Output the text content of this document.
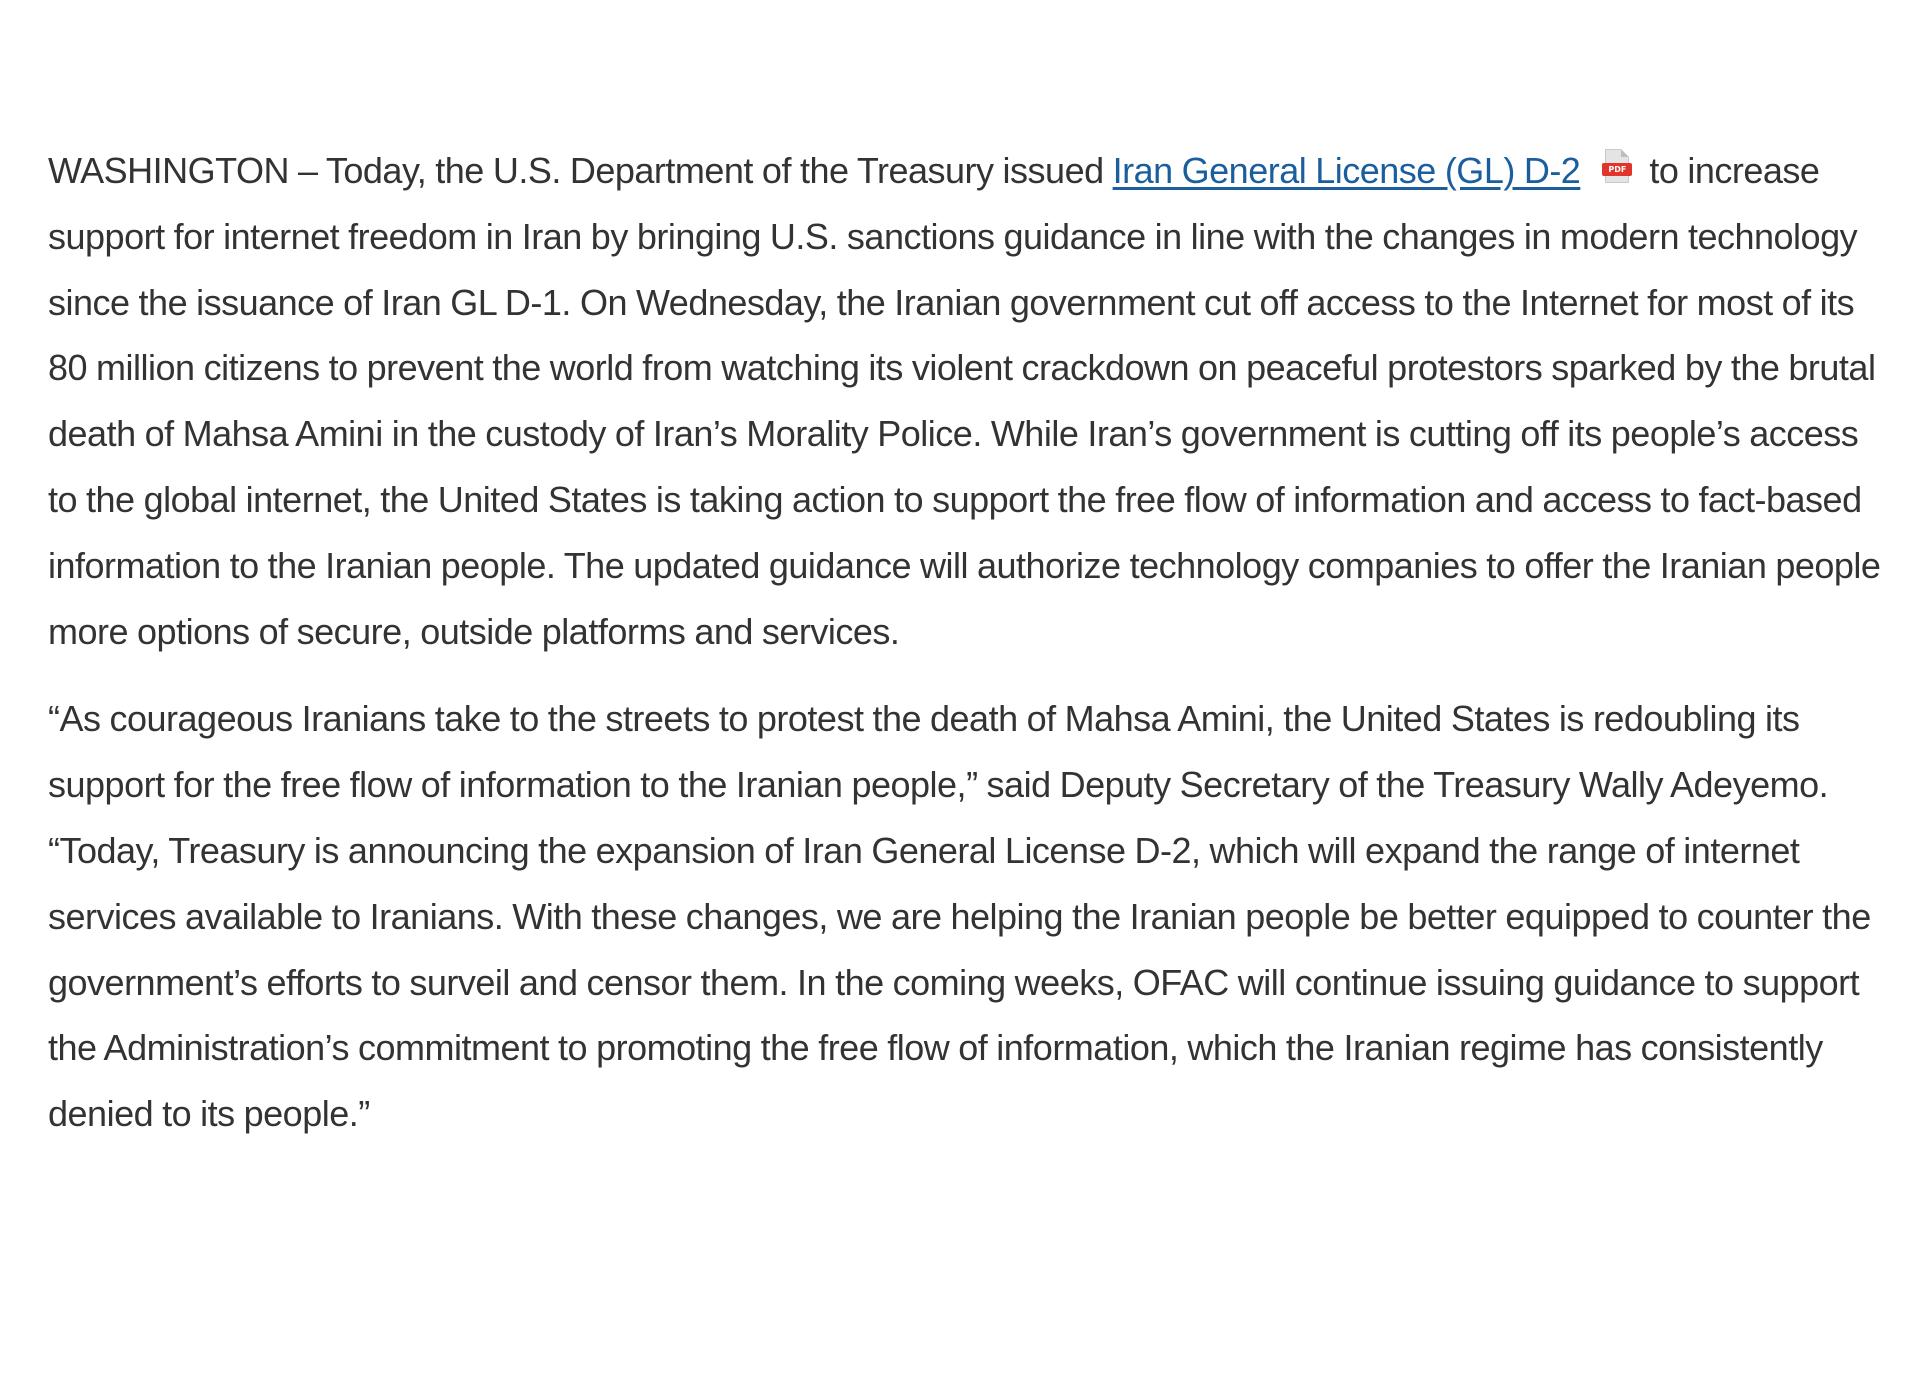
WASHINGTON – Today, the U.S. Department of the Treasury issued Iran General License (GL) D-2	PDF to increase support for internet freedom in Iran by bringing U.S. sanctions guidance in line with the changes in modern technology since the issuance of Iran GL D-1. On Wednesday, the Iranian government cut off access to the Internet for most of its 80 million citizens to prevent the world from watching its violent crackdown on peaceful protestors sparked by the brutal death of Mahsa Amini in the custody of Iran’s Morality Police. While Iran’s government is cutting off its people’s access to the global internet, the United States is taking action to support the free flow of information and access to fact-based information to the Iranian people. The updated guidance will authorize technology companies to offer the Iranian people more options of secure, outside platforms and services.

“As courageous Iranians take to the streets to protest the death of Mahsa Amini, the United States is redoubling its support for the free flow of information to the Iranian people,” said Deputy Secretary of the Treasury Wally Adeyemo. “Today, Treasury is announcing the expansion of Iran General License D-2, which will expand the range of internet services available to Iranians. With these changes, we are helping the Iranian people be better equipped to counter the government’s efforts to surveil and censor them. In the coming weeks, OFAC will continue issuing guidance to support the Administration’s commitment to promoting the free flow of information, which the Iranian regime has consistently denied to its people.”
